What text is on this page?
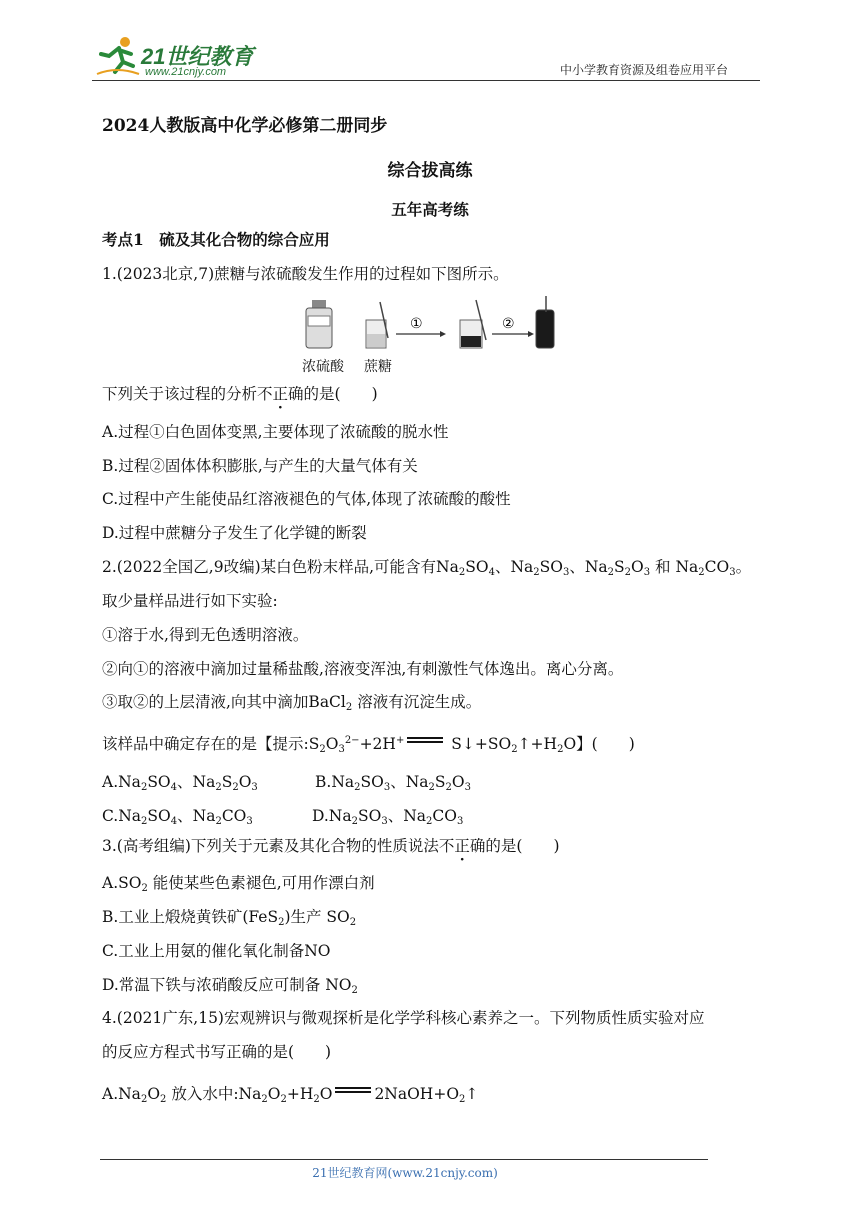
21世纪教育
www.21cnjy.com	中小学教育资源及组卷应用平台
2024人教版高中化学必修第二册同步
综合拔高练
五年高考练
考点1　硫及其化合物的综合应用
1.(2023北京,7)蔗糖与浓硫酸发生作用的过程如下图所示。
①	②
浓硫酸 蔗糖
下列关于该过程的分析不正确的是(　　)
A.过程①白色固体变黑,主要体现了浓硫酸的脱水性
B.过程②固体体积膨胀,与产生的大量气体有关
C.过程中产生能使品红溶液褪色的气体,体现了浓硫酸的酸性
D.过程中蔗糖分子发生了化学键的断裂
2.(2022全国乙,9改编)某白色粉末样品,可能含有$Na_2SO_4$、$Na_2SO_3$、$Na_2S_2O_3$ 和 $Na_2CO_3$。
取少量样品进行如下实验:
①溶于水,得到无色透明溶液。
②向①的溶液中滴加过量稀盐酸,溶液变浑浊,有刺激性气体逸出。离心分离。
③取②的上层清液,向其中滴加BaCl$_2$ 溶液有沉淀生成。
该样品中确定存在的是【提示$:S_2O_3^{2-}+2H^+$	$S↓+SO_2↑+H_2O$】(　　)
$A.Na_2SO_4$、$Na_2S_2O_3$	$B.Na_2SO_3$、$Na_2S_2O_3$
$C.Na_2SO_4$、$Na_2CO_3$	$D.Na_2SO_3$、$Na_2CO_3$
3.(高考组编)下列关于元素及其化合物的性质说法不正确的是(　　)
$A.SO_2$ 能使某些色素褪色,可用作漂白剂
B.工业上煅烧黄铁矿(FeS$_2$)生产 $SO_2$
C.工业上用氨的催化氧化制备NO
D.常温下铁与浓硝酸反应可制备 $NO_2$
4.(2021广东,15)宏观辨识与微观探析是化学学科核心素养之一。下列物质性质实验对应
的反应方程式书写正确的是(　　)
$A.Na_2O_2$ 放入水中$:Na_2O_2+H_2O$	$2NaOH+O_2↑$
21世纪教育网(www.21cnjy.com)
